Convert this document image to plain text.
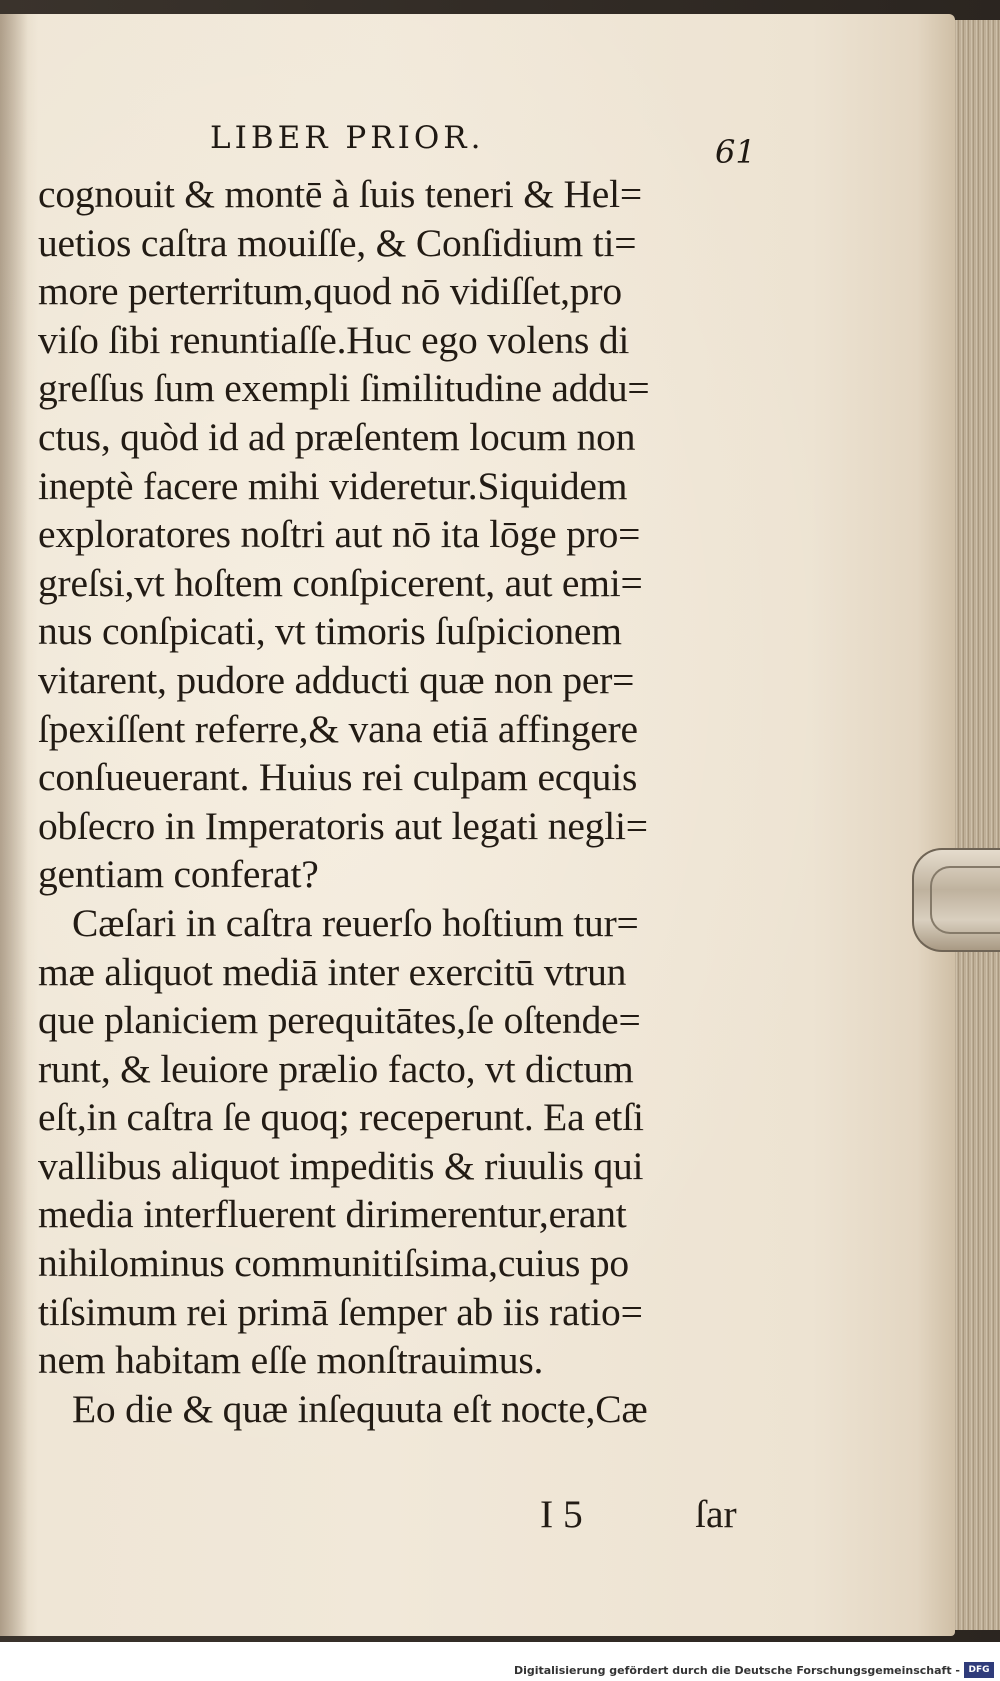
LIBER PRIOR.	61
cognouit & montē à ſuis teneri & Hel=
uetios caſtra mouiſſe, & Conſidium ti=
more perterritum,quod nō vidiſſet,pro
viſo ſibi renuntiaſſe.Huc ego volens di
greſſus ſum exempli ſimilitudine addu=
ctus, quòd id ad præſentem locum non
ineptè facere mihi videretur.Siquidem
exploratores noſtri aut nō ita lōge pro=
greſsi,vt hoſtem conſpicerent, aut emi=
nus conſpicati, vt timoris ſuſpicionem
vitarent, pudore adducti quæ non per=
ſpexiſſent referre,& vana etiā affingere
conſueuerant. Huius rei culpam ecquis
obſecro in Imperatoris aut legati negli=
gentiam conferat?
Cæſari in caſtra reuerſo hoſtium tur=
mæ aliquot mediā inter exercitū vtrun
que planiciem perequitātes,ſe oſtende=
runt, & leuiore prælio facto, vt dictum
eſt,in caſtra ſe quoq; receperunt. Ea etſi
vallibus aliquot impeditis & riuulis qui
media interfluerent dirimerentur,erant
nihilominus communitiſsima,cuius po
tiſsimum rei primā ſemper ab iis ratio=
nem habitam eſſe monſtrauimus.
Eo die & quæ inſequuta eſt nocte,Cæ
I 5	ſar
Digitalisierung gefördert durch die Deutsche Forschungsgemeinschaft - DFG
